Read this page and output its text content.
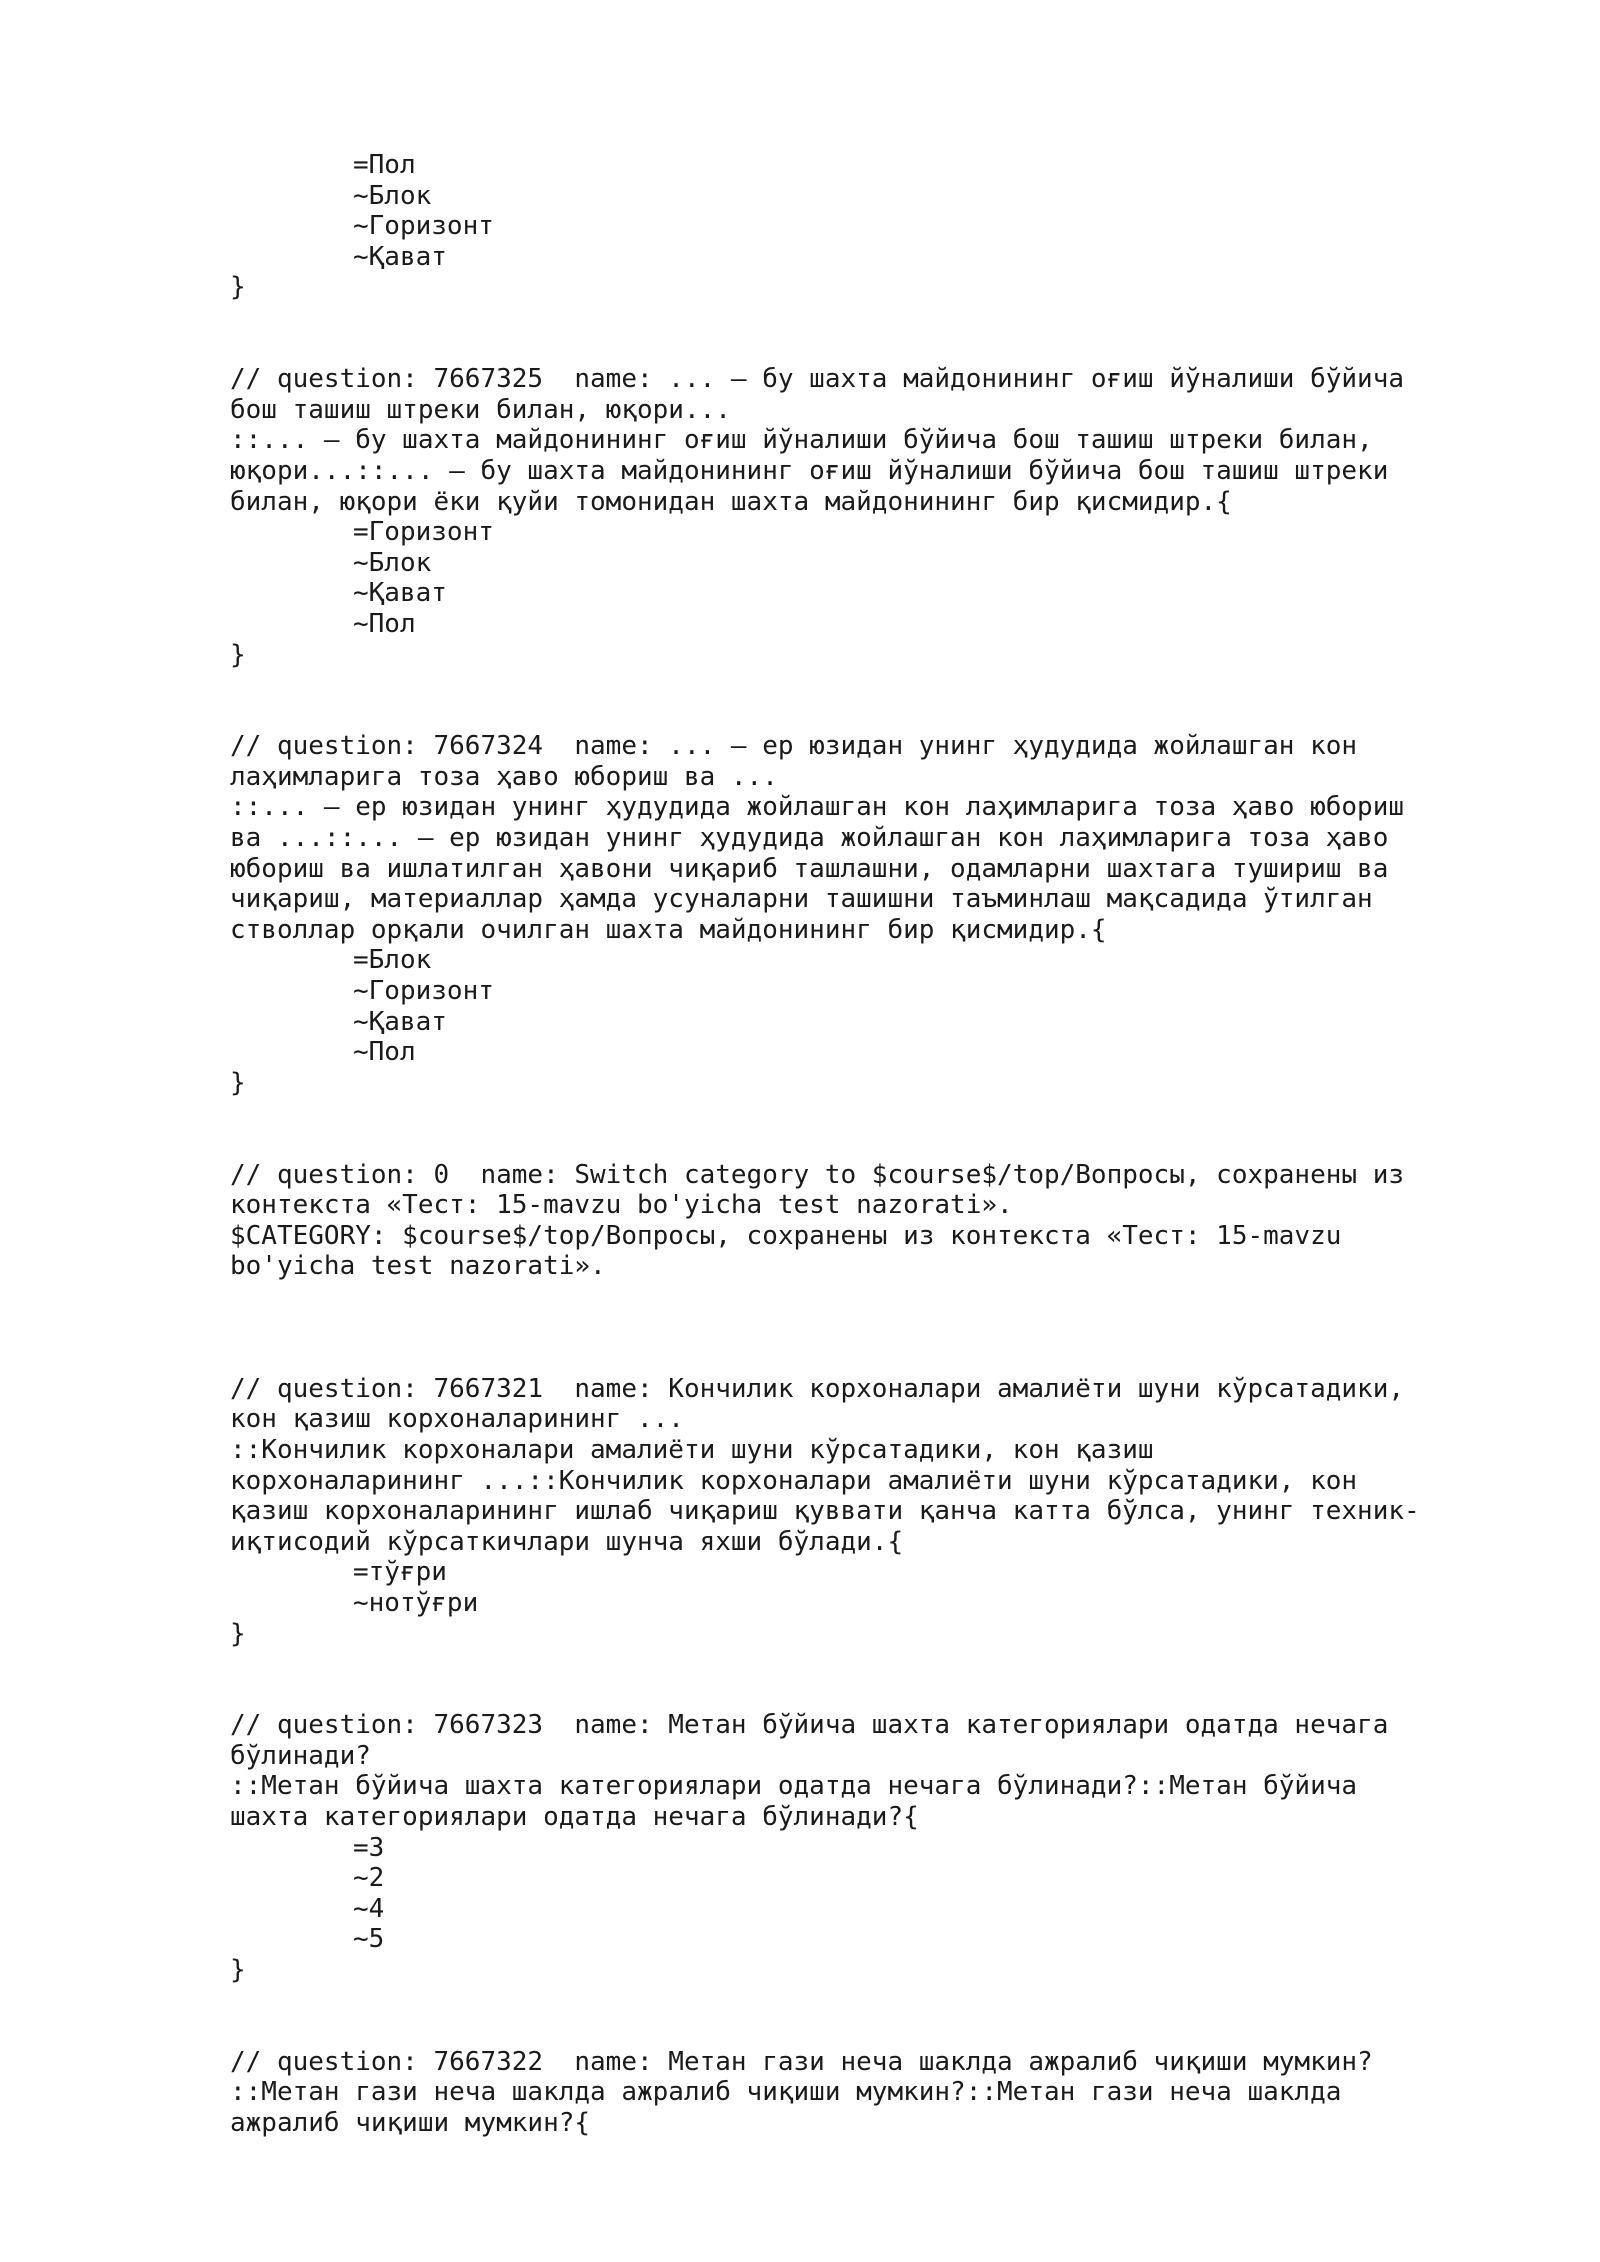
=Пол
~Блок
~Горизонт
~Қават
}
// question: 7667325  name: ... – бу шахта майдонининг оғиш йўналиши бўйича
бош ташиш штреки билан, юқори...
::... – бу шахта майдонининг оғиш йўналиши бўйича бош ташиш штреки билан,
юқори...::... – бу шахта майдонининг оғиш йўналиши бўйича бош ташиш штреки
билан, юқори ёки қуйи томонидан шахта майдонининг бир қисмидир.{
=Горизонт
~Блок
~Қават
~Пол
}
// question: 7667324  name: ... – ер юзидан унинг ҳудудида жойлашган кон
лаҳимларига тоза ҳаво юбориш ва ...
::... – ер юзидан унинг ҳудудида жойлашган кон лаҳимларига тоза ҳаво юбориш
ва ...::... – ер юзидан унинг ҳудудида жойлашган кон лаҳимларига тоза ҳаво
юбориш ва ишлатилган ҳавони чиқариб ташлашни, одамларни шахтага тушириш ва
чиқариш, материаллар ҳамда усуналарни ташишни таъминлаш мақсадида ўтилган
стволлар орқали очилган шахта майдонининг бир қисмидир.{
=Блок
~Горизонт
~Қават
~Пол
}
// question: 0  name: Switch category to $course$/top/Вопросы, сохранены из
контекста «Тест: 15-mavzu bo'yicha test nazorati».
$CATEGORY: $course$/top/Вопросы, сохранены из контекста «Тест: 15-mavzu
bo'yicha test nazorati».
// question: 7667321  name: Кончилик корхоналари амалиёти шуни кўрсатадики,
кон қазиш корхоналарининг ...
::Кончилик корхоналари амалиёти шуни кўрсатадики, кон қазиш
корхоналарининг ...::Кончилик корхоналари амалиёти шуни кўрсатадики, кон
қазиш корхоналарининг ишлаб чиқариш қуввати қанча катта бўлса, унинг техник-
иқтисодий кўрсаткичлари шунча яхши бўлади.{
=тўғри
~нотўғри
}
// question: 7667323  name: Метан бўйича шахта категориялари одатда нечага
бўлинади?
::Метан бўйича шахта категориялари одатда нечага бўлинади?::Метан бўйича
шахта категориялари одатда нечага бўлинади?{
=3
~2
~4
~5
}
// question: 7667322  name: Метан гази неча шаклда ажралиб чиқиши мумкин?
::Метан гази неча шаклда ажралиб чиқиши мумкин?::Метан гази неча шаклда
ажралиб чиқиши мумкин?{
